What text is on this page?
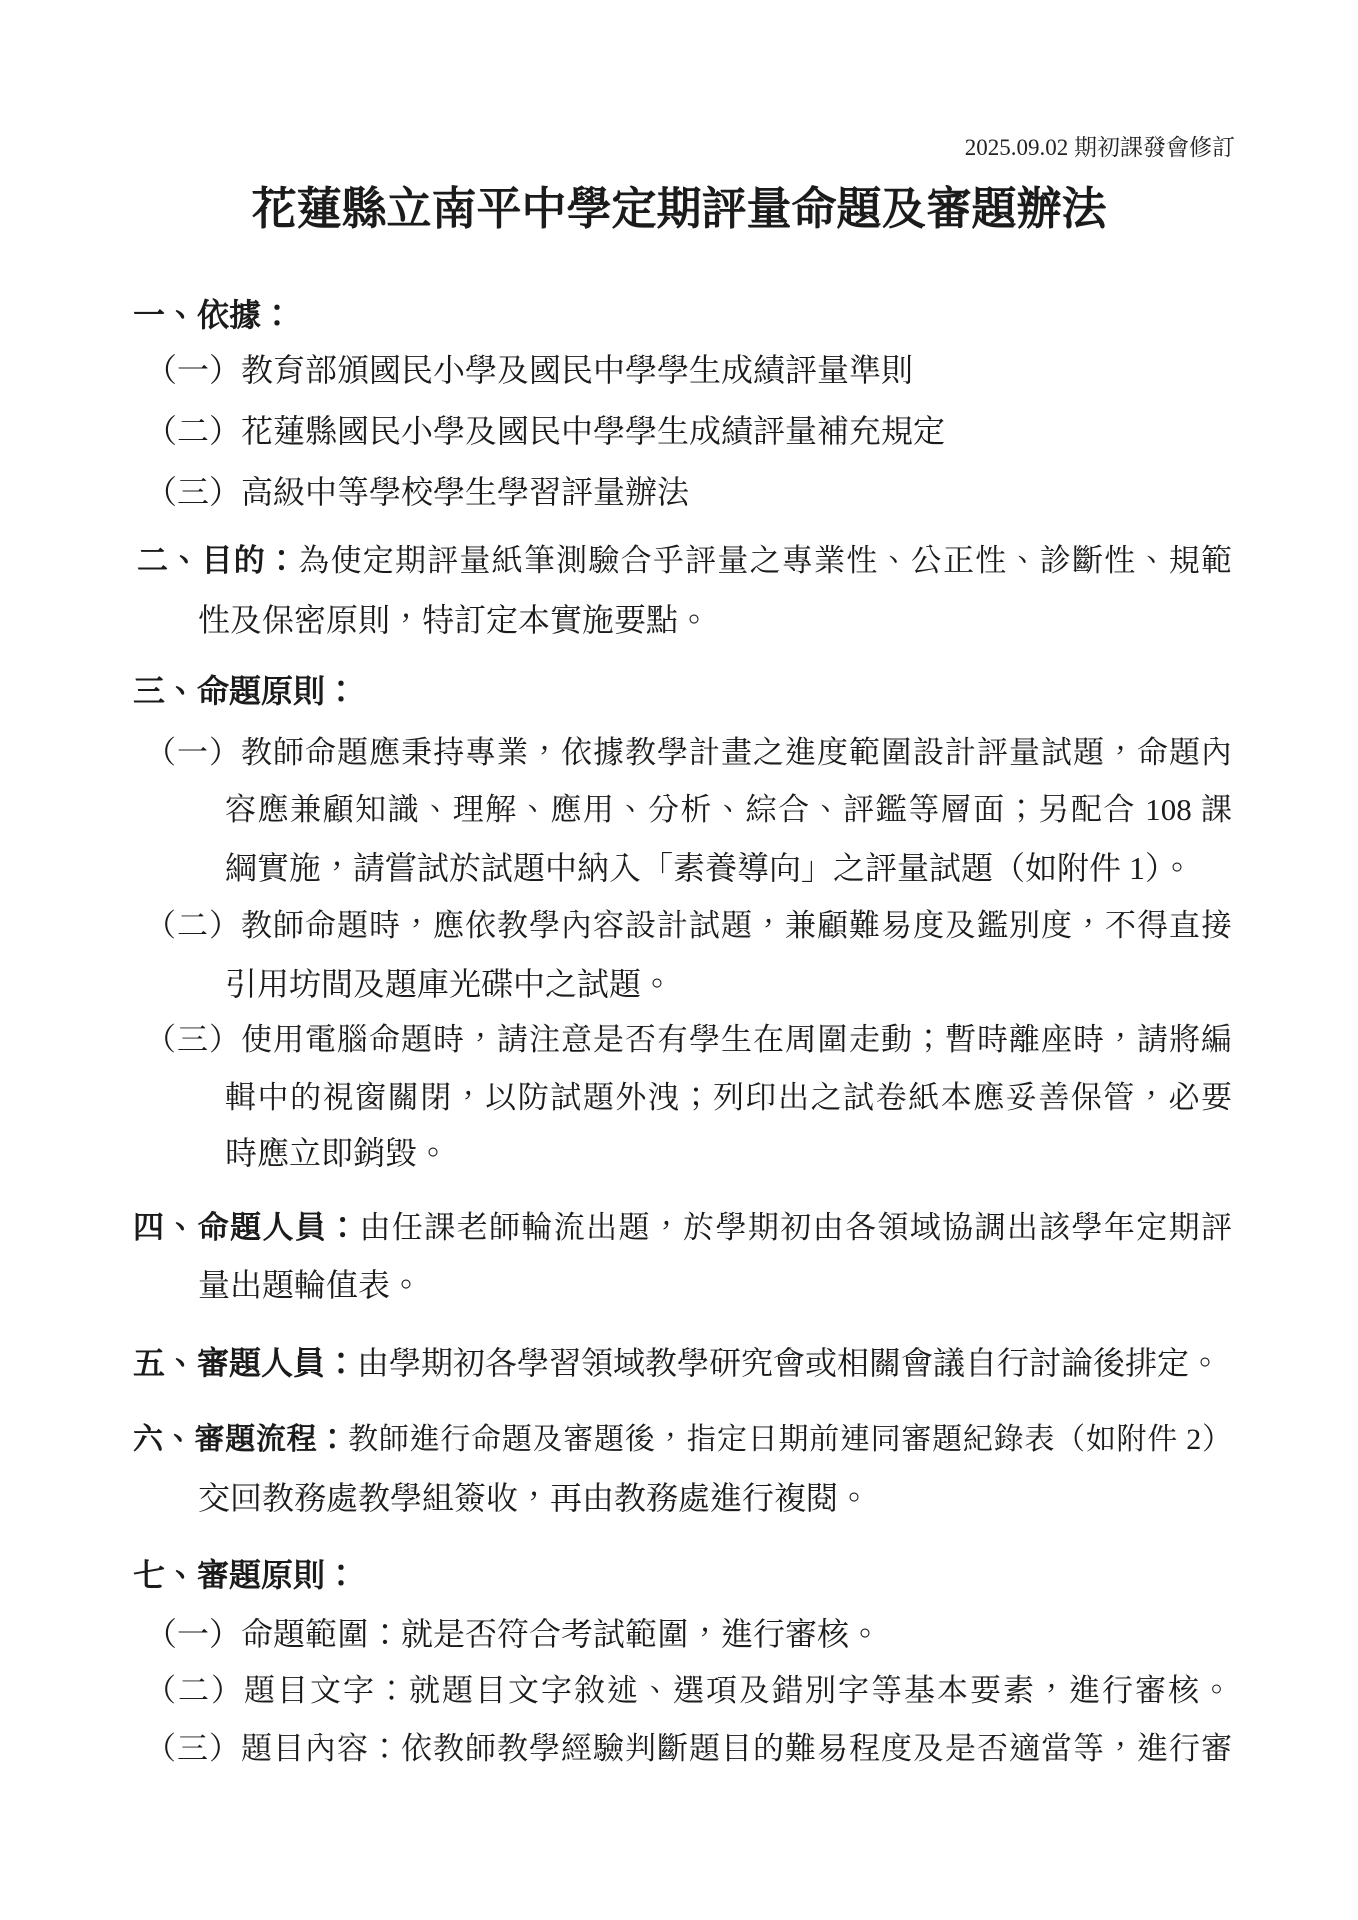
2025.09.02 期初課發會修訂
花蓮縣立南平中學定期評量命題及審題辦法

一、依據：

（一）教育部頒國民小學及國民中學學生成績評量準則

（二）花蓮縣國民小學及國民中學學生成績評量補充規定

（三）高級中等學校學生學習評量辦法

二、目的：為使定期評量紙筆測驗合乎評量之專業性、公正性、診斷性、規範

性及保密原則，特訂定本實施要點。

三、命題原則：

（一）教師命題應秉持專業，依據教學計畫之進度範圍設計評量試題，命題內

容應兼顧知識、理解、應用、分析、綜合、評鑑等層面；另配合 108 課

綱實施，請嘗試於試題中納入「素養導向」之評量試題（如附件 1）。

（二）教師命題時，應依教學內容設計試題，兼顧難易度及鑑別度，不得直接

引用坊間及題庫光碟中之試題。

（三）使用電腦命題時，請注意是否有學生在周圍走動；暫時離座時，請將編

輯中的視窗關閉，以防試題外洩；列印出之試卷紙本應妥善保管，必要

時應立即銷毀。

四、命題人員：由任課老師輪流出題，於學期初由各領域協調出該學年定期評

量出題輪值表。

五、審題人員：由學期初各學習領域教學研究會或相關會議自行討論後排定。

六、審題流程：教師進行命題及審題後，指定日期前連同審題紀錄表（如附件 2）

交回教務處教學組簽收，再由教務處進行複閱。

七、審題原則：

（一）命題範圍：就是否符合考試範圍，進行審核。

（二）題目文字：就題目文字敘述、選項及錯別字等基本要素，進行審核。

（三）題目內容：依教師教學經驗判斷題目的難易程度及是否適當等，進行審
